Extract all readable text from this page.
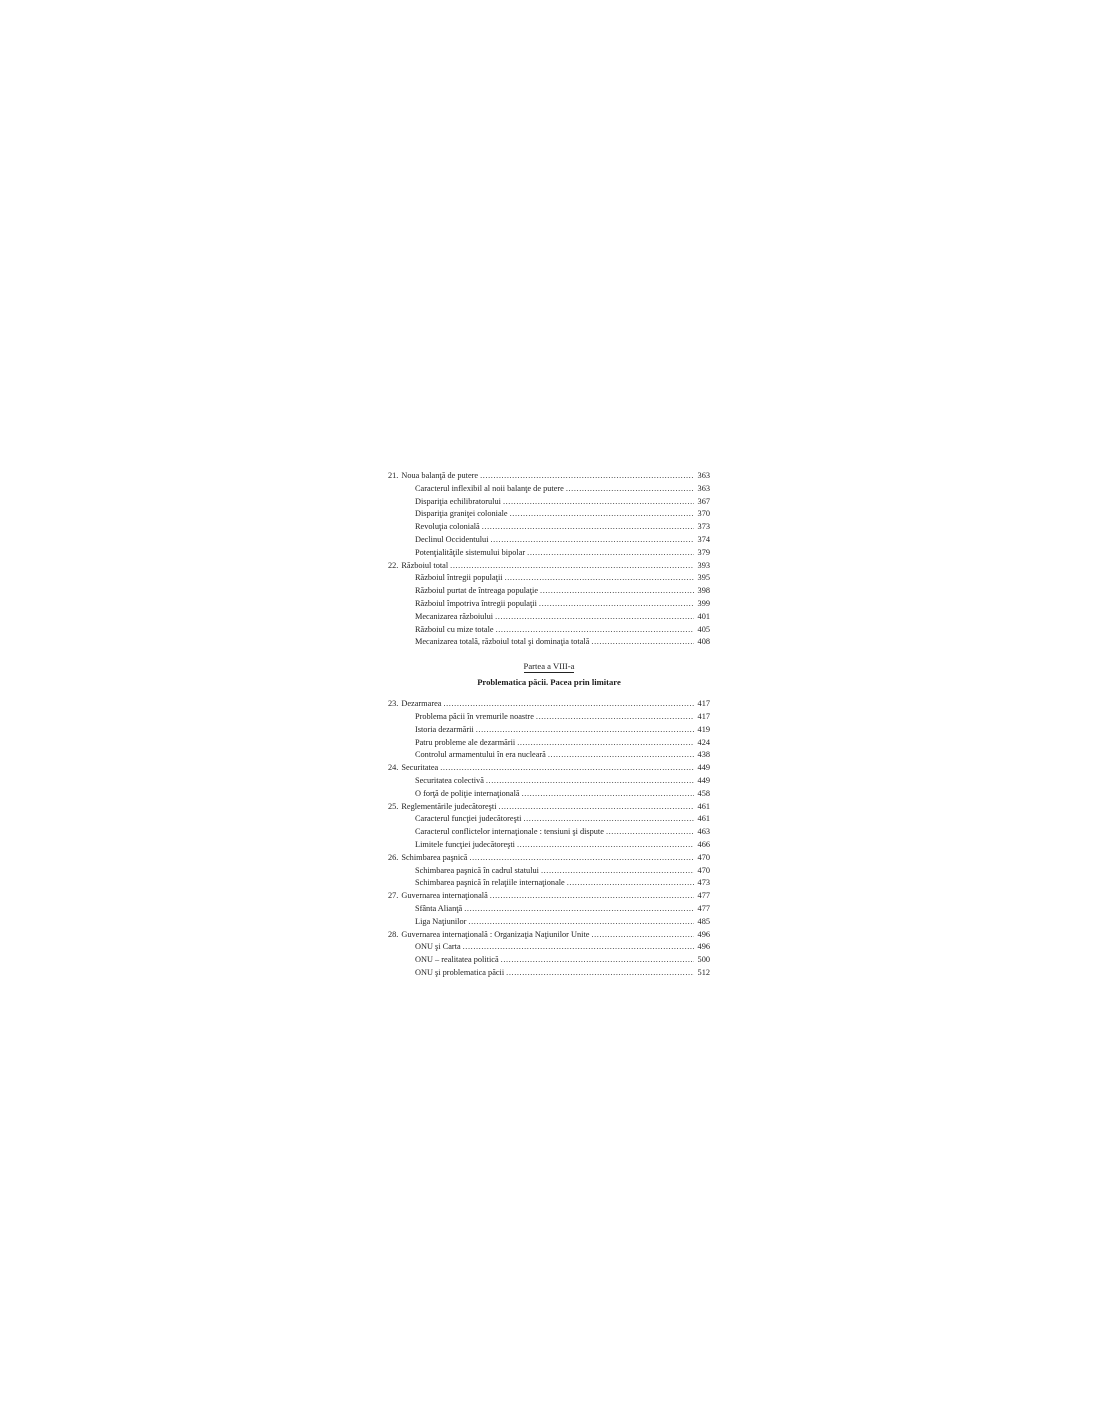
21. Noua balanţă de putere .....	363
Caracterul inflexibil al noii balanţe de putere .....	363
Dispariţia echilibratorului .....	367
Dispariţia graniţei coloniale .....	370
Revoluţia colonială .....	373
Declinul Occidentului .....	374
Potenţialităţile sistemului bipolar .....	379
22. Războiul total .....	393
Războiul întregii populaţii .....	395
Războiul purtat de întreaga populaţie .....	398
Războiul împotriva întregii populaţii .....	399
Mecanizarea războiului .....	401
Războiul cu mize totale .....	405
Mecanizarea totală, războiul total şi dominaţia totală .....	408
Partea a VIII-a
Problematica păcii. Pacea prin limitare
23. Dezarmarea .....	417
Problema păcii în vremurile noastre .....	417
Istoria dezarmării .....	419
Patru probleme ale dezarmării .....	424
Controlul armamentului în era nucleară .....	438
24. Securitatea .....	449
Securitatea colectivă .....	449
O forţă de poliţie internaţională .....	458
25. Reglementările judecătoreşti .....	461
Caracterul funcţiei judecătoreşti .....	461
Caracterul conflictelor internaţionale : tensiuni şi dispute .....	463
Limitele funcţiei judecătoreşti .....	466
26. Schimbarea paşnică .....	470
Schimbarea paşnică în cadrul statului .....	470
Schimbarea paşnică în relaţiile internaţionale .....	473
27. Guvernarea internaţională .....	477
Sfânta Alianţă .....	477
Liga Naţiunilor .....	485
28. Guvernarea internaţională : Organizaţia Naţiunilor Unite .....	496
ONU şi Carta .....	496
ONU – realitatea politică .....	500
ONU şi problematica păcii .....	512
